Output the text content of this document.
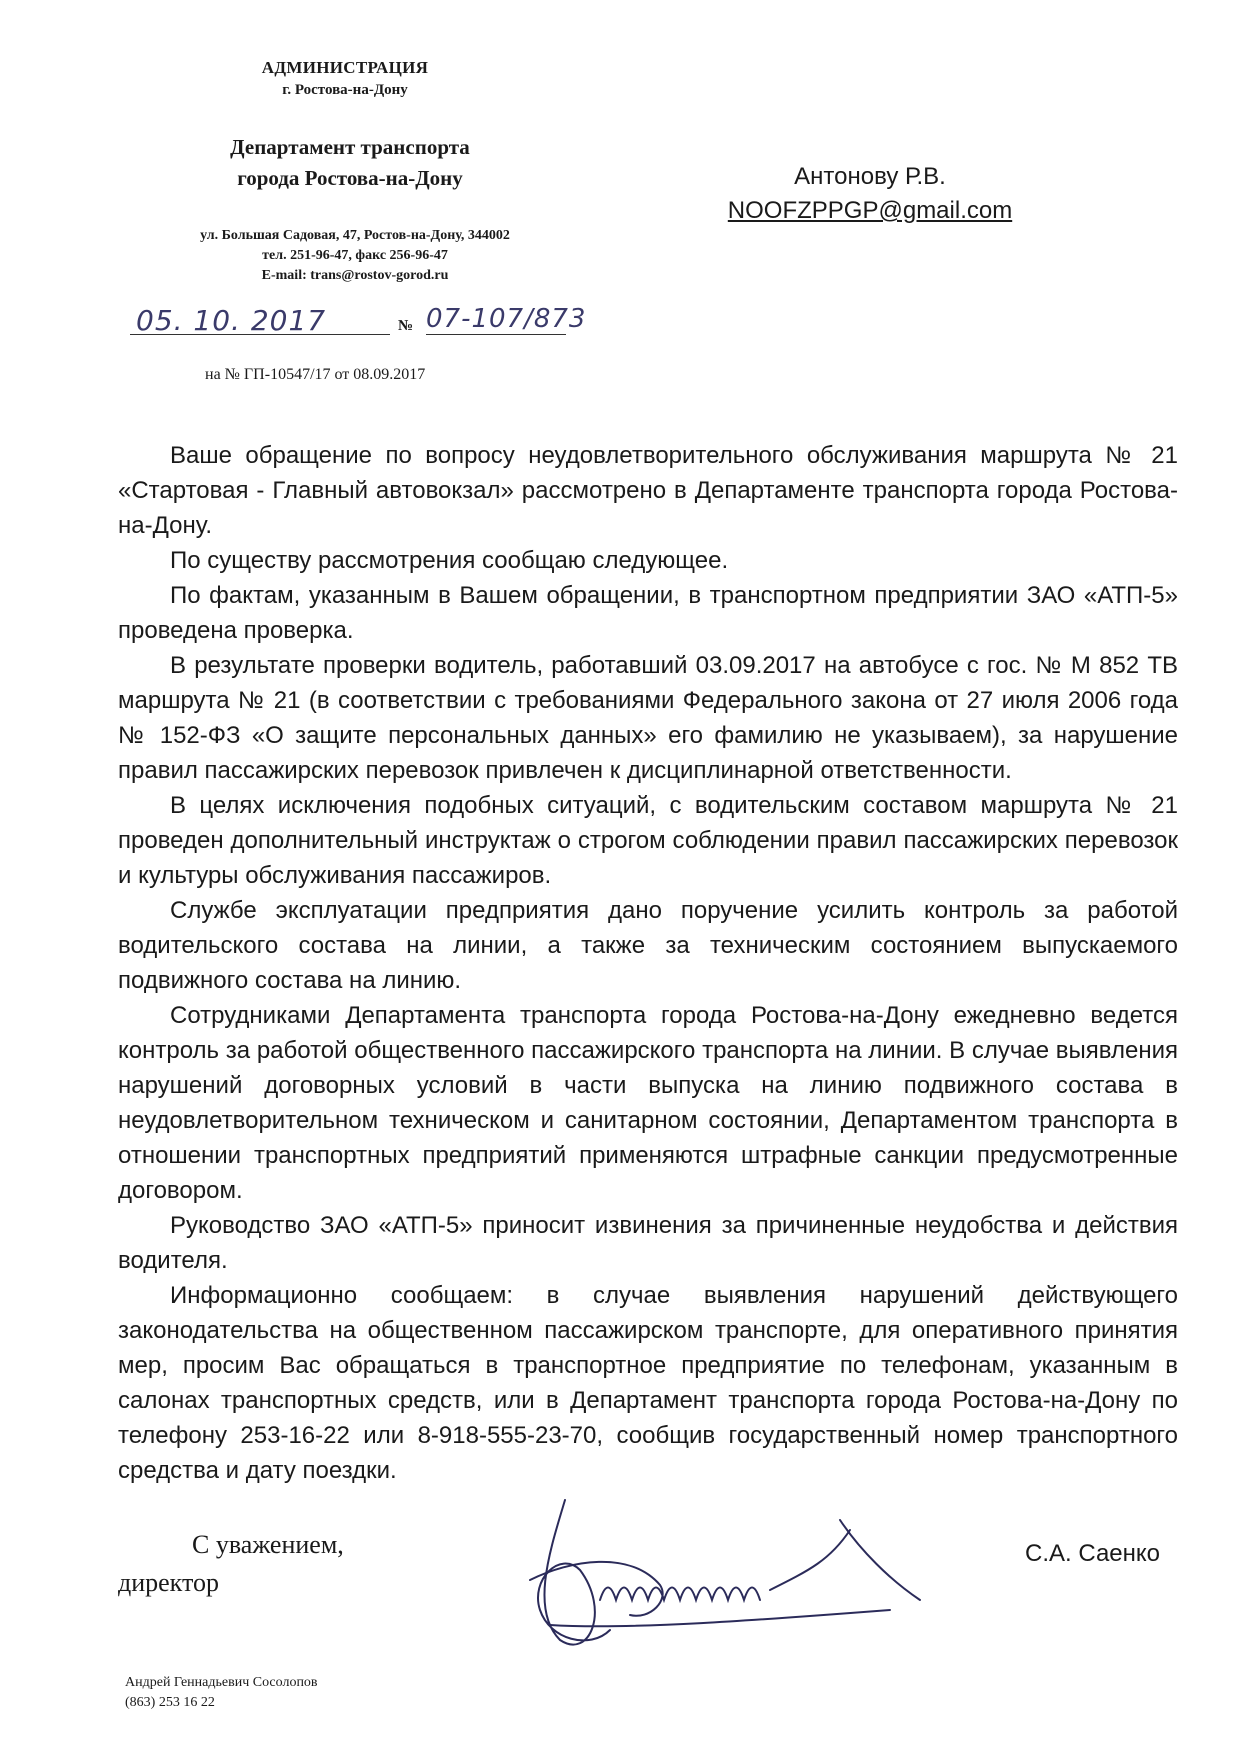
АДМИНИСТРАЦИЯ
г. Ростова-на-Дону
Департамент транспорта
города Ростова-на-Дону
ул. Большая Садовая, 47, Ростов-на-Дону, 344002
тел. 251-96-47, факс 256-96-47
E-mail: trans@rostov-gorod.ru
05. 10. 2017	№ 07-107/873
на № ГП-10547/17 от 08.09.2017
Антонову Р.В.
NOOFZPPGP@gmail.com

Ваше обращение по вопросу неудовлетворительного обслуживания маршрута № 21 «Стартовая - Главный автовокзал» рассмотрено в Департаменте транспорта города Ростова-на-Дону.

По существу рассмотрения сообщаю следующее.

По фактам, указанным в Вашем обращении, в транспортном предприятии ЗАО «АТП-5» проведена проверка.

В результате проверки водитель, работавший 03.09.2017 на автобусе с гос. № М 852 ТВ маршрута № 21 (в соответствии с требованиями Федерального закона от 27 июля 2006 года № 152-ФЗ «О защите персональных данных» его фамилию не указываем), за нарушение правил пассажирских перевозок привлечен к дисциплинарной ответственности.

В целях исключения подобных ситуаций, с водительским составом маршрута № 21 проведен дополнительный инструктаж о строгом соблюдении правил пассажирских перевозок и культуры обслуживания пассажиров.

Службе эксплуатации предприятия дано поручение усилить контроль за работой водительского состава на линии, а также за техническим состоянием выпускаемого подвижного состава на линию.

Сотрудниками Департамента транспорта города Ростова-на-Дону ежедневно ведется контроль за работой общественного пассажирского транспорта на линии. В случае выявления нарушений договорных условий в части выпуска на линию подвижного состава в неудовлетворительном техническом и санитарном состоянии, Департаментом транспорта в отношении транспортных предприятий применяются штрафные санкции предусмотренные договором.

Руководство ЗАО «АТП-5» приносит извинения за причиненные неудобства и действия водителя.

Информационно сообщаем: в случае выявления нарушений действующего законодательства на общественном пассажирском транспорте, для оперативного принятия мер, просим Вас обращаться в транспортное предприятие по телефонам, указанным в салонах транспортных средств, или в Департамент транспорта города Ростова-на-Дону по телефону 253-16-22 или 8-918-555-23-70, сообщив государственный номер транспортного средства и дату поездки.

С уважением,
директор
С.А. Саенко
Андрей Геннадьевич Сосолопов
(863) 253 16 22
